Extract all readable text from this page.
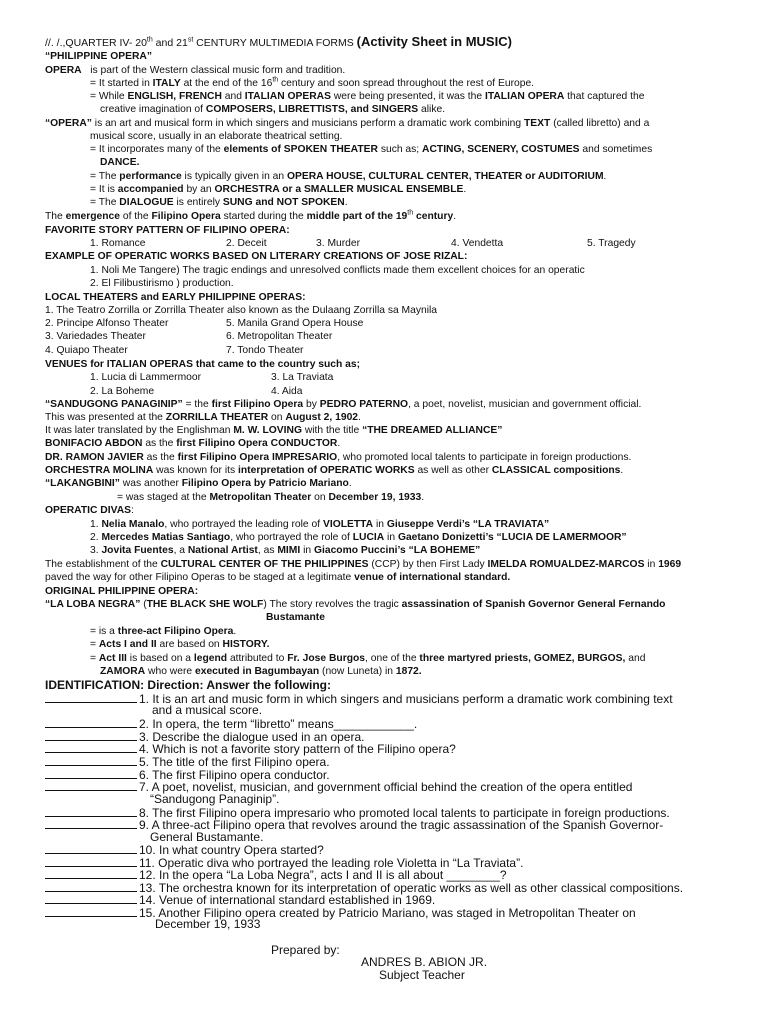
//. /.,QUARTER IV- 20th and 21st CENTURY MULTIMEDIA FORMS (Activity Sheet in MUSIC)
“PHILIPPINE OPERA”
OPERA is part of the Western classical music form and tradition.
= It started in ITALY at the end of the 16th century and soon spread throughout the rest of Europe.
= While ENGLISH, FRENCH and ITALIAN OPERAS were being presented, it was the ITALIAN OPERA that captured the
creative imagination of COMPOSERS, LIBRETTISTS, and SINGERS alike.
“OPERA” is an art and musical form in which singers and musicians perform a dramatic work combining TEXT (called libretto) and a
musical score, usually in an elaborate theatrical setting.
= It incorporates many of the elements of SPOKEN THEATER such as; ACTING, SCENERY, COSTUMES and sometimes
DANCE.
= The performance is typically given in an OPERA HOUSE, CULTURAL CENTER, THEATER or AUDITORIUM.
= It is accompanied by an ORCHESTRA or a SMALLER MUSICAL ENSEMBLE.
= The DIALOGUE is entirely SUNG and NOT SPOKEN.
The emergence of the Filipino Opera started during the middle part of the 19th century.
FAVORITE STORY PATTERN OF FILIPINO OPERA:
1. Romance	2. Deceit	3. Murder	4. Vendetta	5. Tragedy
EXAMPLE OF OPERATIC WORKS BASED ON LITERARY CREATIONS OF JOSE RIZAL:
1. Noli Me Tangere) The tragic endings and unresolved conflicts made them excellent choices for an operatic
2. El Filibustirismo ) production.
LOCAL THEATERS and EARLY PHILIPPINE OPERAS:
1. The Teatro Zorrilla or Zorrilla Theater also known as the Dulaang Zorrilla sa Maynila
2. Principe Alfonso Theater
3. Variedades Theater
4. Quiapo Theater
5. Manila Grand Opera House
6. Metropolitan Theater
7. Tondo Theater
VENUES for ITALIAN OPERAS that came to the country such as;
1. Lucia di Lammermoor
2. La Boheme
3. La Traviata
4. Aida
“SANDUGONG PANAGINIP” = the first Filipino Opera by PEDRO PATERNO, a poet, novelist, musician and government official.
This was presented at the ZORRILLA THEATER on August 2, 1902.
It was later translated by the Englishman M. W. LOVING with the title “THE DREAMED ALLIANCE”
BONIFACIO ABDON as the first Filipino Opera CONDUCTOR.
DR. RAMON JAVIER as the first Filipino Opera IMPRESARIO, who promoted local talents to participate in foreign productions.
ORCHESTRA MOLINA was known for its interpretation of OPERATIC WORKS as well as other CLASSICAL compositions.
“LAKANGBINI” was another Filipino Opera by Patricio Mariano.
= was staged at the Metropolitan Theater on December 19, 1933.
OPERATIC DIVAS:
1. Nelia Manalo, who portrayed the leading role of VIOLETTA in Giuseppe Verdi’s “LA TRAVIATA”
2. Mercedes Matias Santiago, who portrayed the role of LUCIA in Gaetano Donizetti’s “LUCIA DE LAMERMOOR”
3. Jovita Fuentes, a National Artist, as MIMI in Giacomo Puccini’s “LA BOHEME”
The establishment of the CULTURAL CENTER OF THE PHILIPPINES (CCP) by then First Lady IMELDA ROMUALDEZ-MARCOS in 1969
paved the way for other Filipino Operas to be staged at a legitimate venue of international standard.
ORIGINAL PHILIPPINE OPERA:
“LA LOBA NEGRA” (THE BLACK SHE WOLF) The story revolves the tragic assassination of Spanish Governor General Fernando
Bustamante
= is a three-act Filipino Opera.
= Acts I and II are based on HISTORY.
= Act III is based on a legend attributed to Fr. Jose Burgos, one of the three martyred priests, GOMEZ, BURGOS, and
ZAMORA who were executed in Bagumbayan (now Luneta) in 1872.
IDENTIFICATION: Direction: Answer the following:
1. It is an art and music form in which singers and musicians perform a dramatic work combining text
and a musical score.
2. In opera, the term “libretto” means____________.
3. Describe the dialogue used in an opera.
4. Which is not a favorite story pattern of the Filipino opera?
5. The title of the first Filipino opera.
6. The first Filipino opera conductor.
7. A poet, novelist, musician, and government official behind the creation of the opera entitled
“Sandugong Panaginip”.
8. The first Filipino opera impresario who promoted local talents to participate in foreign productions.
9. A three-act Filipino opera that revolves around the tragic assassination of the Spanish Governor-
General Bustamante.
10. In what country Opera started?
11. Operatic diva who portrayed the leading role Violetta in “La Traviata”.
12. In the opera “La Loba Negra”, acts I and II is all about ________?
13. The orchestra known for its interpretation of operatic works as well as other classical compositions.
14. Venue of international standard established in 1969.
15. Another Filipino opera created by Patricio Mariano, was staged in Metropolitan Theater on
December 19, 1933
Prepared by:
ANDRES B. ABION JR.
Subject Teacher
